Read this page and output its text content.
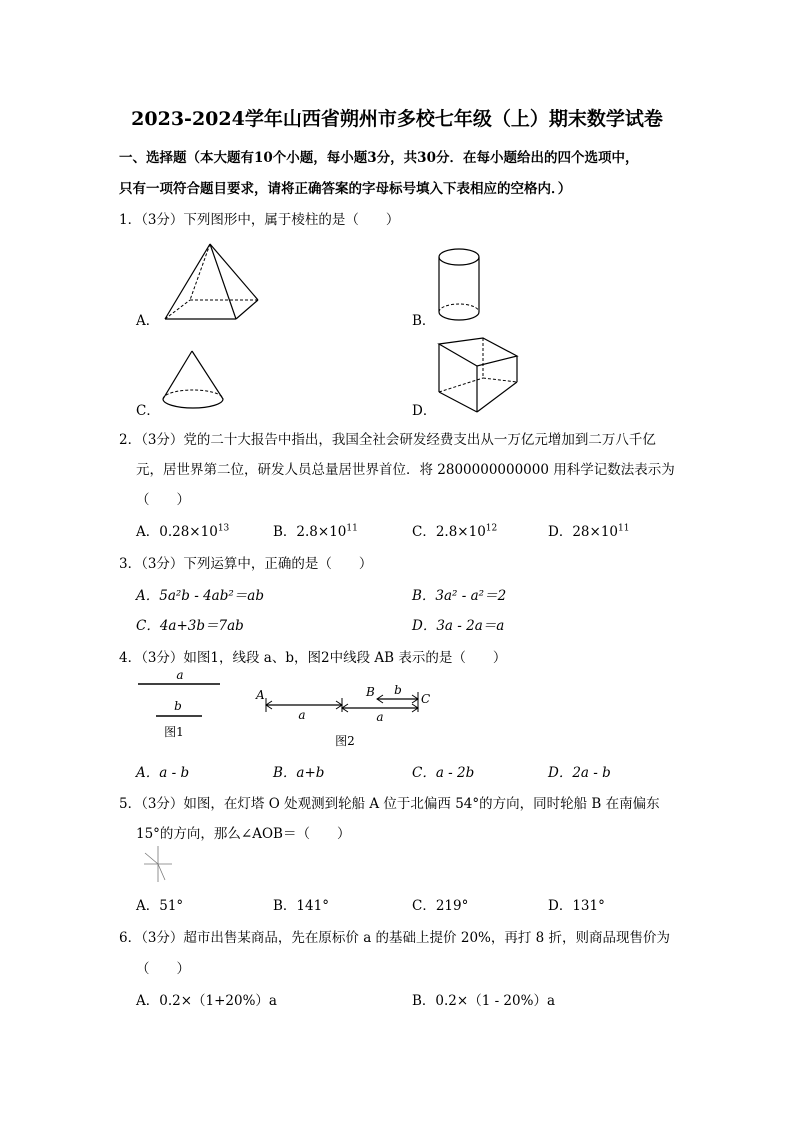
2023-2024学年山西省朔州市多校七年级（上）期末数学试卷
一、选择题（本大题有10个小题，每小题3分，共30分．在每小题给出的四个选项中，
只有一项符合题目要求，请将正确答案的字母标号填入下表相应的空格内．）
1．（3分）下列图形中，属于棱柱的是（　　）
A．	B．
C．	D．
2．（3分）党的二十大报告中指出，我国全社会研发经费支出从一万亿元增加到二万八千亿
元，居世界第二位，研发人员总量居世界首位．将 2800000000000 用科学记数法表示为
（　　）
A．$0.28\times 10^{13}$	B．$2.8\times 10^{11}$	C．$2.8\times 10^{12}$	D．$28\times 10^{11}$
3．（3分）下列运算中，正确的是（　　）
A．5a²b - 4ab²＝ab	B．3a² - a²＝2
C．4a+3b＝7ab	D．3a - 2a＝a
4．（3分）如图1，线段 a、b，图2中线段 AB 表示的是（　　）
a
b
图1
A
a	a
B b
C
图2
A．a - b	B．a+b	C．a - 2b	D．2a - b
5．（3分）如图，在灯塔 O 处观测到轮船 A 位于北偏西 54°的方向，同时轮船 B 在南偏东
15°的方向，那么∠AOB＝（　　）
A．51°	B．141°	C．219°	D．131°
6．（3分）超市出售某商品，先在原标价 a 的基础上提价 20%，再打 8 折，则商品现售价为
（　　）
A．0.2×（1+20%）a	B．0.2×（1 - 20%）a
